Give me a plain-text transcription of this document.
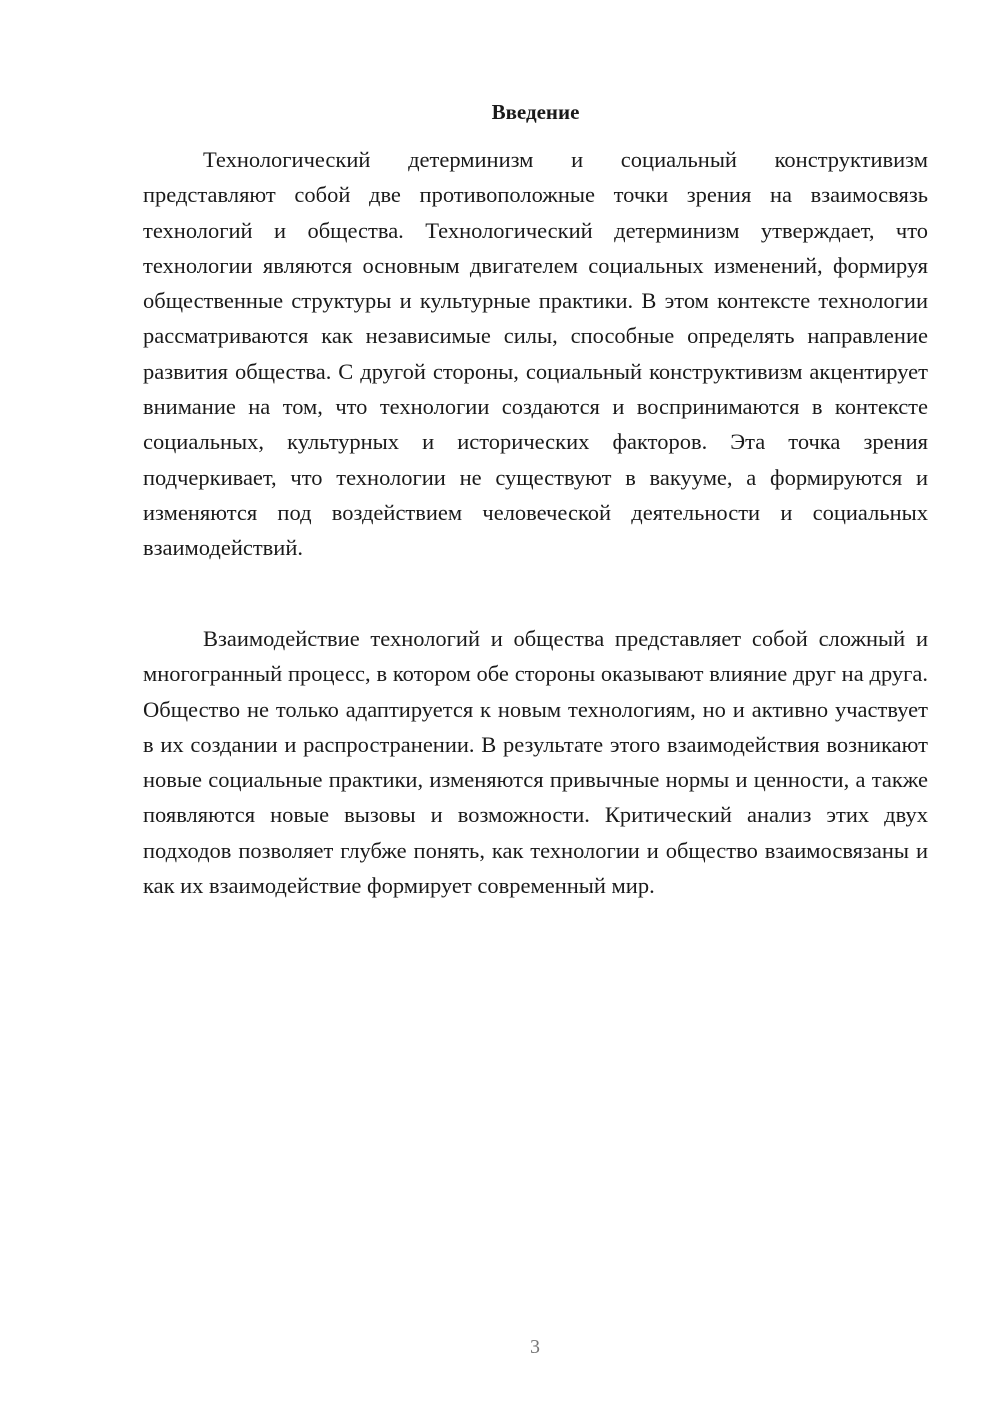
Введение

Технологический детерминизм и социальный конструктивизм представляют собой две противоположные точки зрения на взаимосвязь технологий и общества. Технологический детерминизм утверждает, что технологии являются основным двигателем социальных изменений, формируя общественные структуры и культурные практики. В этом контексте технологии рассматриваются как независимые силы, способные определять направление развития общества. С другой стороны, социальный конструктивизм акцентирует внимание на том, что технологии создаются и воспринимаются в контексте социальных, культурных и исторических факторов. Эта точка зрения подчеркивает, что технологии не существуют в вакууме, а формируются и изменяются под воздействием человеческой деятельности и социальных взаимодействий.

Взаимодействие технологий и общества представляет собой сложный и многогранный процесс, в котором обе стороны оказывают влияние друг на друга. Общество не только адаптируется к новым технологиям, но и активно участвует в их создании и распространении. В результате этого взаимодействия возникают новые социальные практики, изменяются привычные нормы и ценности, а также появляются новые вызовы и возможности. Критический анализ этих двух подходов позволяет глубже понять, как технологии и общество взаимосвязаны и как их взаимодействие формирует современный мир.

3
